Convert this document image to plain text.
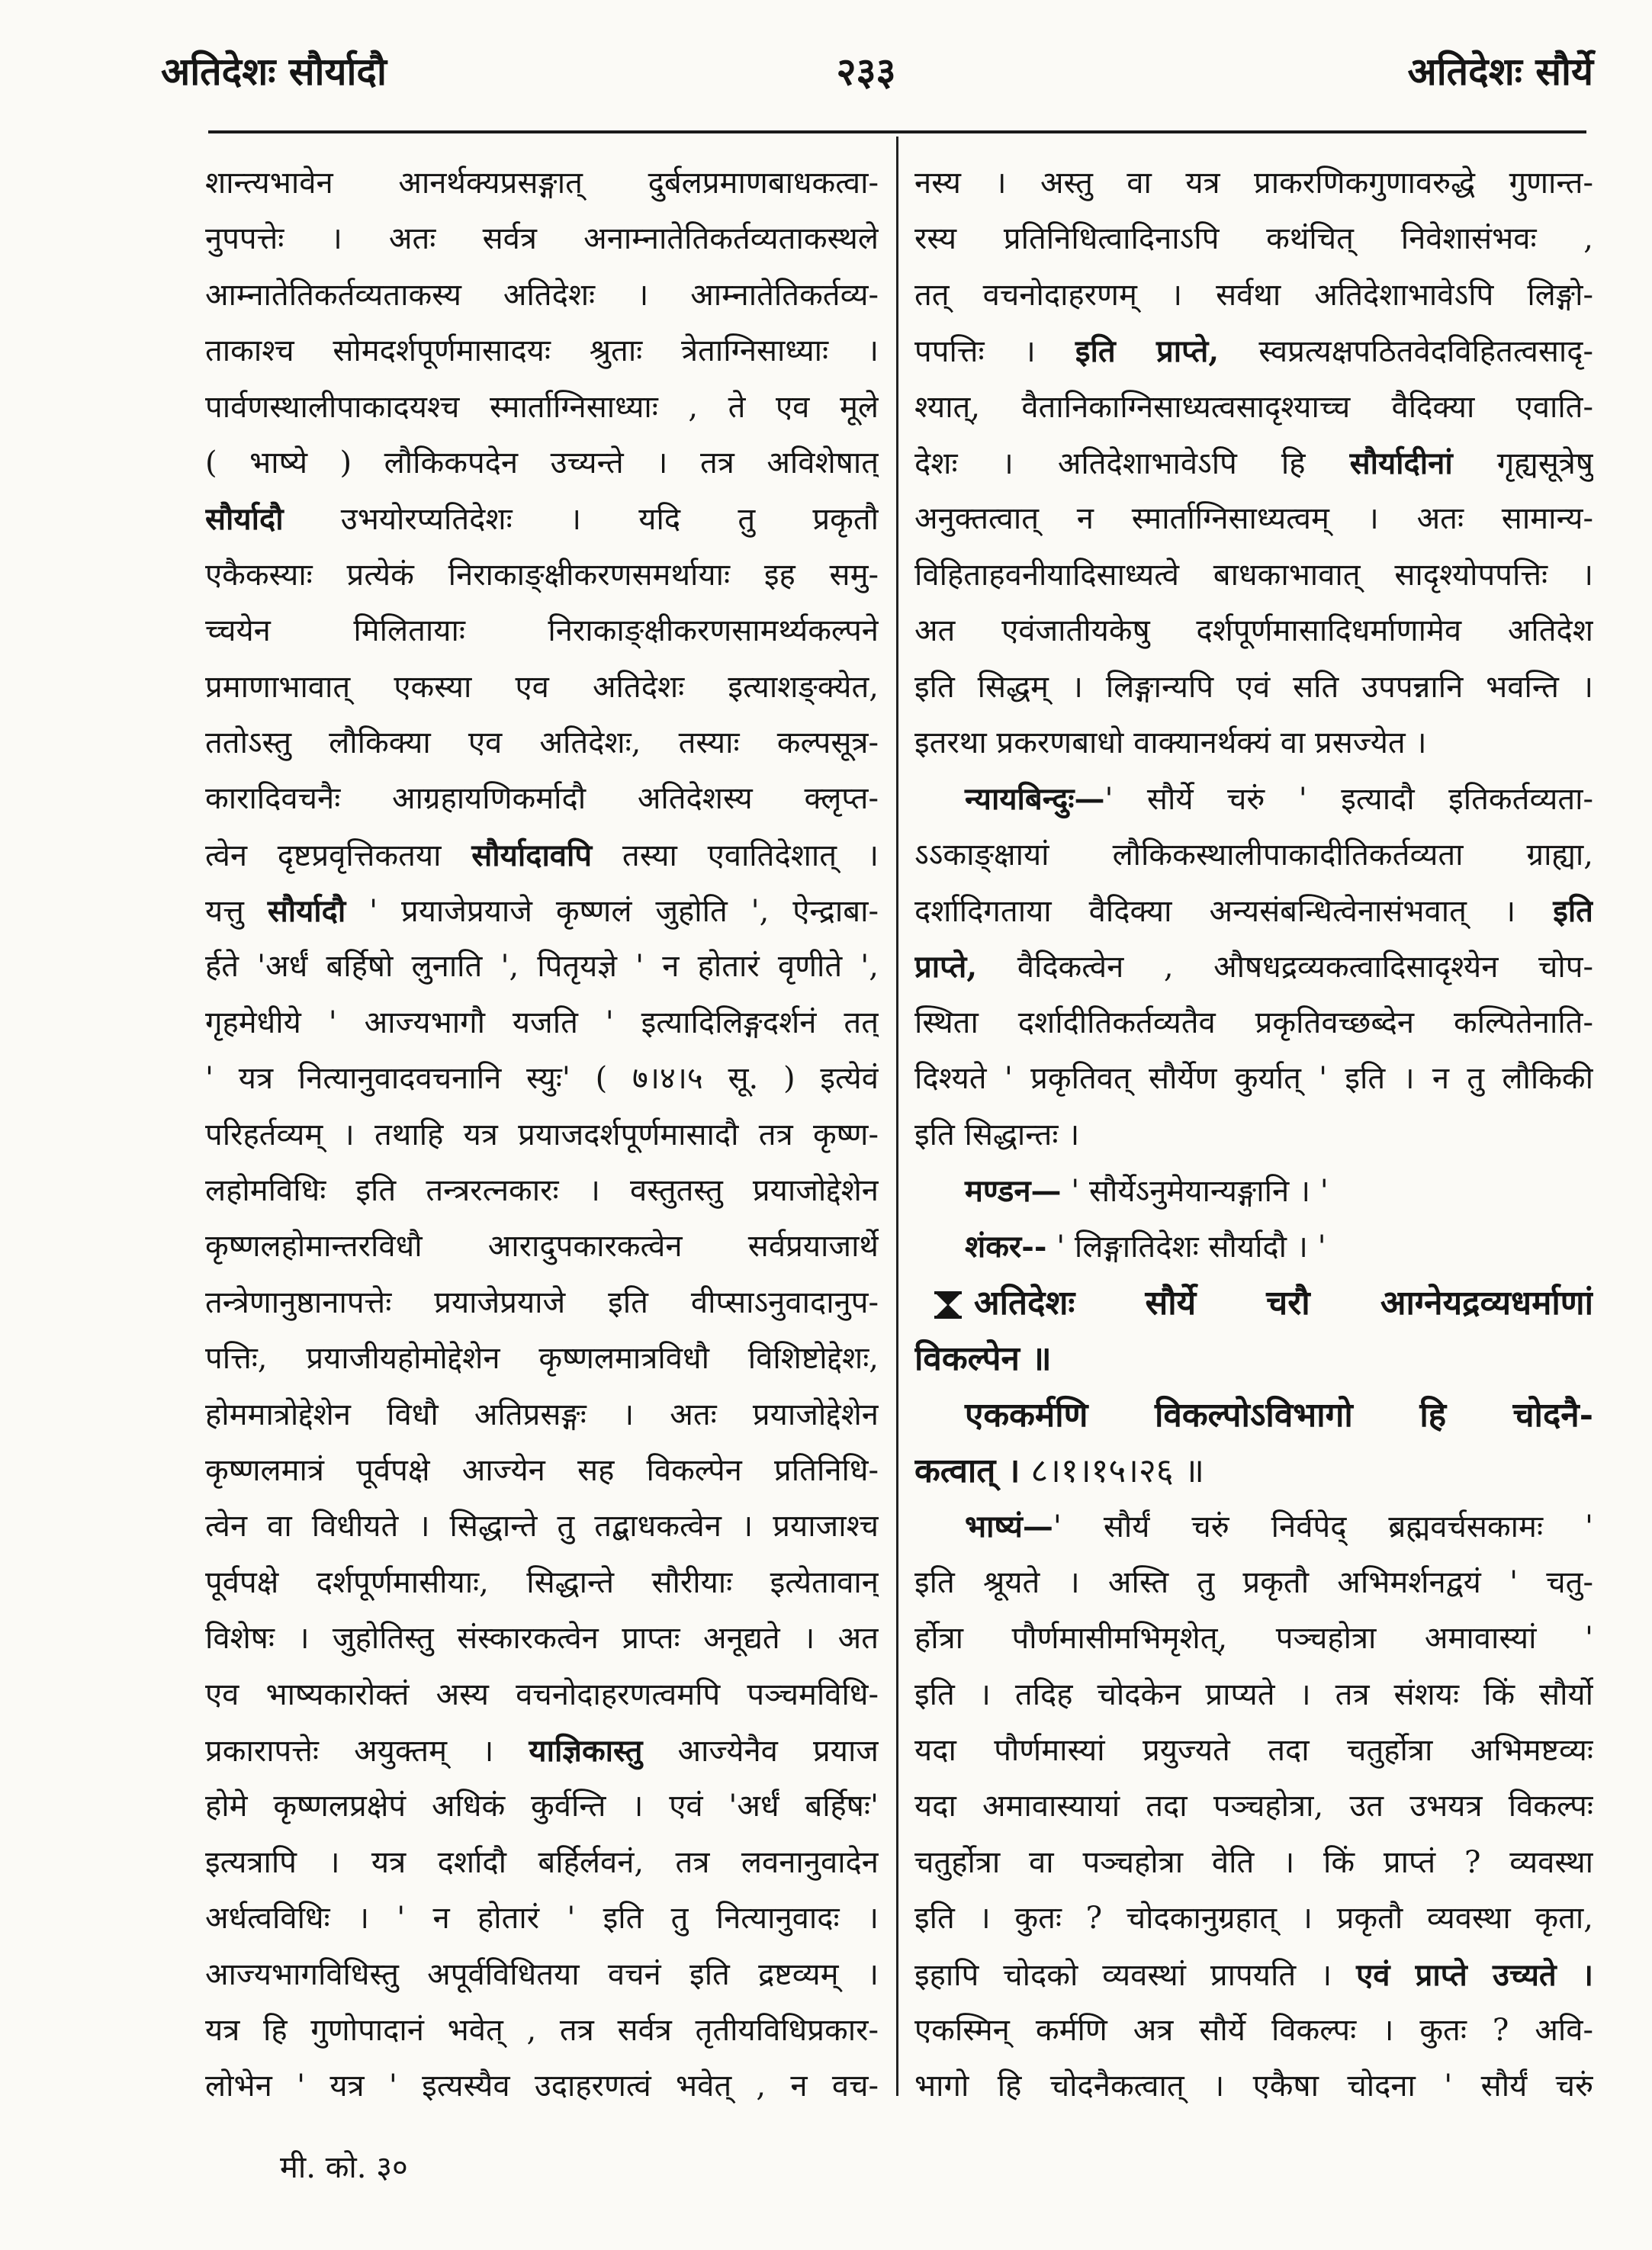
अतिदेशः सौर्यादौ	२३३	अतिदेशः सौर्ये
शान्त्यभावेन आनर्थक्यप्रसङ्गात् दुर्बलप्रमाणबाधकत्वा-
नुपपत्तेः । अतः सर्वत्र अनाम्नातेतिकर्तव्यताकस्थले
आम्नातेतिकर्तव्यताकस्य अतिदेशः । आम्नातेतिकर्तव्य-
ताकाश्च सोमदर्शपूर्णमासादयः श्रुताः त्रेताग्निसाध्याः ।
पार्वणस्थालीपाकादयश्च स्मार्ताग्निसाध्याः , ते एव मूले
( भाष्ये ) लौकिकपदेन उच्यन्ते । तत्र अविशेषात्
सौर्यादौ उभयोरप्यतिदेशः । यदि तु प्रकृतौ
एकैकस्याः प्रत्येकं निराकाङ्क्षीकरणसमर्थायाः इह समु-
च्चयेन मिलितायाः निराकाङ्क्षीकरणसामर्थ्यकल्पने
प्रमाणाभावात् एकस्या एव अतिदेशः इत्याशङ्क्येत,
ततोऽस्तु लौकिक्या एव अतिदेशः, तस्याः कल्पसूत्र-
कारादिवचनैः आग्रहायणिकर्मादौ अतिदेशस्य क्लृप्त-
त्वेन दृष्टप्रवृत्तिकतया सौर्यादावपि तस्या एवातिदेशात् ।
यत्तु सौर्यादौ ' प्रयाजेप्रयाजे कृष्णलं जुहोति ', ऐन्द्राबा-
र्हते 'अर्धं बर्हिषो लुनाति ', पितृयज्ञे ' न होतारं वृणीते ',
गृहमेधीये ' आज्यभागौ यजति ' इत्यादिलिङ्गदर्शनं तत्
' यत्र नित्यानुवादवचनानि स्युः' ( ७।४।५ सू. ) इत्येवं
परिहर्तव्यम् । तथाहि यत्र प्रयाजदर्शपूर्णमासादौ तत्र कृष्ण-
लहोमविधिः इति तन्त्ररत्नकारः । वस्तुतस्तु प्रयाजोद्देशेन
कृष्णलहोमान्तरविधौ आरादुपकारकत्वेन सर्वप्रयाजार्थे
तन्त्रेणानुष्ठानापत्तेः प्रयाजेप्रयाजे इति वीप्साऽनुवादानुप-
पत्तिः, प्रयाजीयहोमोद्देशेन कृष्णलमात्रविधौ विशिष्टोद्देशः,
होममात्रोद्देशेन विधौ अतिप्रसङ्गः । अतः प्रयाजोद्देशेन
कृष्णलमात्रं पूर्वपक्षे आज्येन सह विकल्पेन प्रतिनिधि-
त्वेन वा विधीयते । सिद्धान्ते तु तद्बाधकत्वेन । प्रयाजाश्च
पूर्वपक्षे दर्शपूर्णमासीयाः, सिद्धान्ते सौरीयाः इत्येतावान्
विशेषः । जुहोतिस्तु संस्कारकत्वेन प्राप्तः अनूद्यते । अत
एव भाष्यकारोक्तं अस्य वचनोदाहरणत्वमपि पञ्चमविधि-
प्रकारापत्तेः अयुक्तम् । याज्ञिकास्तु आज्येनैव प्रयाज
होमे कृष्णलप्रक्षेपं अधिकं कुर्वन्ति । एवं 'अर्धं बर्हिषः'
इत्यत्रापि । यत्र दर्शादौ बर्हिर्लवनं, तत्र लवनानुवादेन
अर्धत्वविधिः । ' न होतारं ' इति तु नित्यानुवादः ।
आज्यभागविधिस्तु अपूर्वविधितया वचनं इति द्रष्टव्यम् ।
यत्र हि गुणोपादानं भवेत् , तत्र सर्वत्र तृतीयविधिप्रकार-
लोभेन ' यत्र ' इत्यस्यैव उदाहरणत्वं भवेत् , न वच-
नस्य । अस्तु वा यत्र प्राकरणिकगुणावरुद्धे गुणान्त-
रस्य प्रतिनिधित्वादिनाऽपि कथंचित् निवेशासंभवः ,
तत् वचनोदाहरणम् । सर्वथा अतिदेशाभावेऽपि लिङ्गो-
पपत्तिः । इति प्राप्ते, स्वप्रत्यक्षपठितवेदविहितत्वसादृ-
श्यात्, वैतानिकाग्निसाध्यत्वसादृश्याच्च वैदिक्या एवाति-
देशः । अतिदेशाभावेऽपि हि सौर्यादीनां गृह्यसूत्रेषु
अनुक्तत्वात् न स्मार्ताग्निसाध्यत्वम् । अतः सामान्य-
विहिताहवनीयादिसाध्यत्वे बाधकाभावात् सादृश्योपपत्तिः ।
अत एवंजातीयकेषु दर्शपूर्णमासादिधर्माणामेव अतिदेश
इति सिद्धम् । लिङ्गान्यपि एवं सति उपपन्नानि भवन्ति ।
इतरथा प्रकरणबाधो वाक्यानर्थक्यं वा प्रसज्येत ।
न्यायबिन्दुः—' सौर्ये चरुं ' इत्यादौ इतिकर्तव्यता-
ऽऽकाङ्क्षायां लौकिकस्थालीपाकादीतिकर्तव्यता ग्राह्या,
दर्शादिगताया वैदिक्या अन्यसंबन्धित्वेनासंभवात् । इति
प्राप्ते, वैदिकत्वेन , औषधद्रव्यकत्वादिसादृश्येन चोप-
स्थिता दर्शादीतिकर्तव्यतैव प्रकृतिवच्छब्देन कल्पितेनाति-
दिश्यते ' प्रकृतिवत् सौर्येण कुर्यात् ' इति । न तु लौकिकी
इति सिद्धान्तः ।
मण्डन— ' सौर्येऽनुमेयान्यङ्गानि । '
शंकर-- ' लिङ्गातिदेशः सौर्यादौ । '
अतिदेशः सौर्ये चरौ आग्नेयद्रव्यधर्माणां
विकल्पेन ॥
एककर्मणि विकल्पोऽविभागो हि चोदनै-
कत्वात् । ८।१।१५।२६ ॥
भाष्यं—' सौर्यं चरुं निर्वपेद् ब्रह्मवर्चसकामः '
इति श्रूयते । अस्ति तु प्रकृतौ अभिमर्शनद्वयं ' चतु-
र्होत्रा पौर्णमासीमभिमृशेत्, पञ्चहोत्रा अमावास्यां '
इति । तदिह चोदकेन प्राप्यते । तत्र संशयः किं सौर्यो
यदा पौर्णमास्यां प्रयुज्यते तदा चतुर्होत्रा अभिमष्टव्यः
यदा अमावास्यायां तदा पञ्चहोत्रा, उत उभयत्र विकल्पः
चतुर्होत्रा वा पञ्चहोत्रा वेति । किं प्राप्तं ? व्यवस्था
इति । कुतः ? चोदकानुग्रहात् । प्रकृतौ व्यवस्था कृता,
इहापि चोदको व्यवस्थां प्रापयति । एवं प्राप्ते उच्यते ।
एकस्मिन् कर्मणि अत्र सौर्ये विकल्पः । कुतः ? अवि-
भागो हि चोदनैकत्वात् । एकैषा चोदना ' सौर्यं चरुं
मी. को. ३०
